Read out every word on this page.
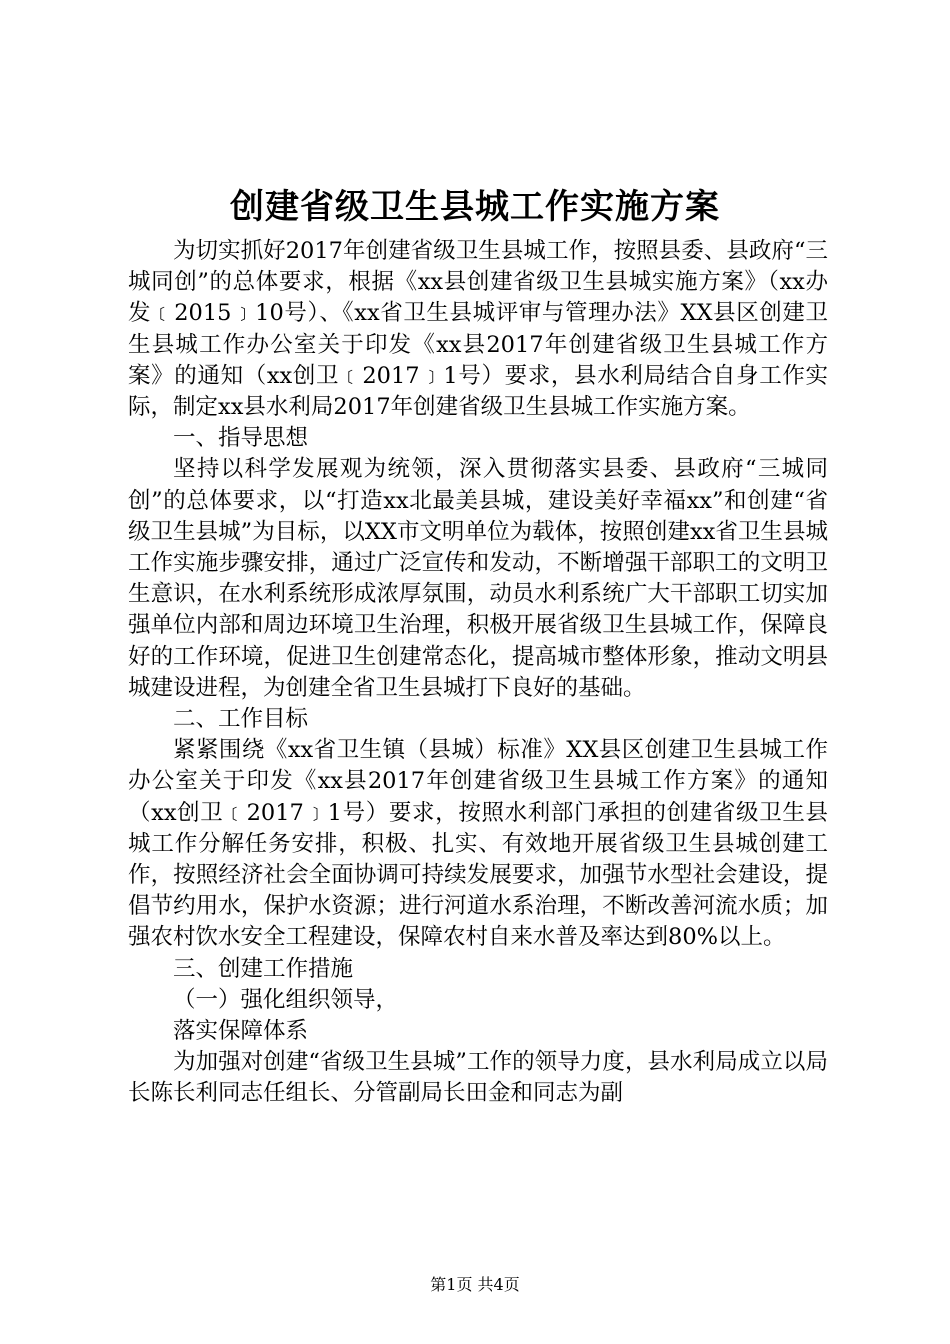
创建省级卫生县城工作实施方案

为切实抓好2017年创建省级卫生县城工作，按照县委、县政府“三城同创”的总体要求，根据《xx县创建省级卫生县城实施方案》（xx办发﹝2015﹞10号）、《xx省卫生县城评审与管理办法》XX县区创建卫生县城工作办公室关于印发《xx县2017年创建省级卫生县城工作方案》的通知（xx创卫﹝2017﹞1号）要求，县水利局结合自身工作实际，制定xx县水利局2017年创建省级卫生县城工作实施方案。

一、指导思想

坚持以科学发展观为统领，深入贯彻落实县委、县政府“三城同创”的总体要求，以“打造xx北最美县城，建设美好幸福xx”和创建“省级卫生县城”为目标，以XX市文明单位为载体，按照创建xx省卫生县城工作实施步骤安排，通过广泛宣传和发动，不断增强干部职工的文明卫生意识，在水利系统形成浓厚氛围，动员水利系统广大干部职工切实加强单位内部和周边环境卫生治理，积极开展省级卫生县城工作，保障良好的工作环境，促进卫生创建常态化，提高城市整体形象，推动文明县城建设进程，为创建全省卫生县城打下良好的基础。

二、工作目标

紧紧围绕《xx省卫生镇（县城）标准》XX县区创建卫生县城工作办公室关于印发《xx县2017年创建省级卫生县城工作方案》的通知（xx创卫﹝2017﹞1号）要求，按照水利部门承担的创建省级卫生县城工作分解任务安排，积极、扎实、有效地开展省级卫生县城创建工作，按照经济社会全面协调可持续发展要求，加强节水型社会建设，提倡节约用水，保护水资源；进行河道水系治理，不断改善河流水质；加强农村饮水安全工程建设，保障农村自来水普及率达到80%以上。

三、创建工作措施

（一）强化组织领导，

落实保障体系

为加强对创建“省级卫生县城”工作的领导力度，县水利局成立以局长陈长利同志任组长、分管副局长田金和同志为副

第1页 共4页
